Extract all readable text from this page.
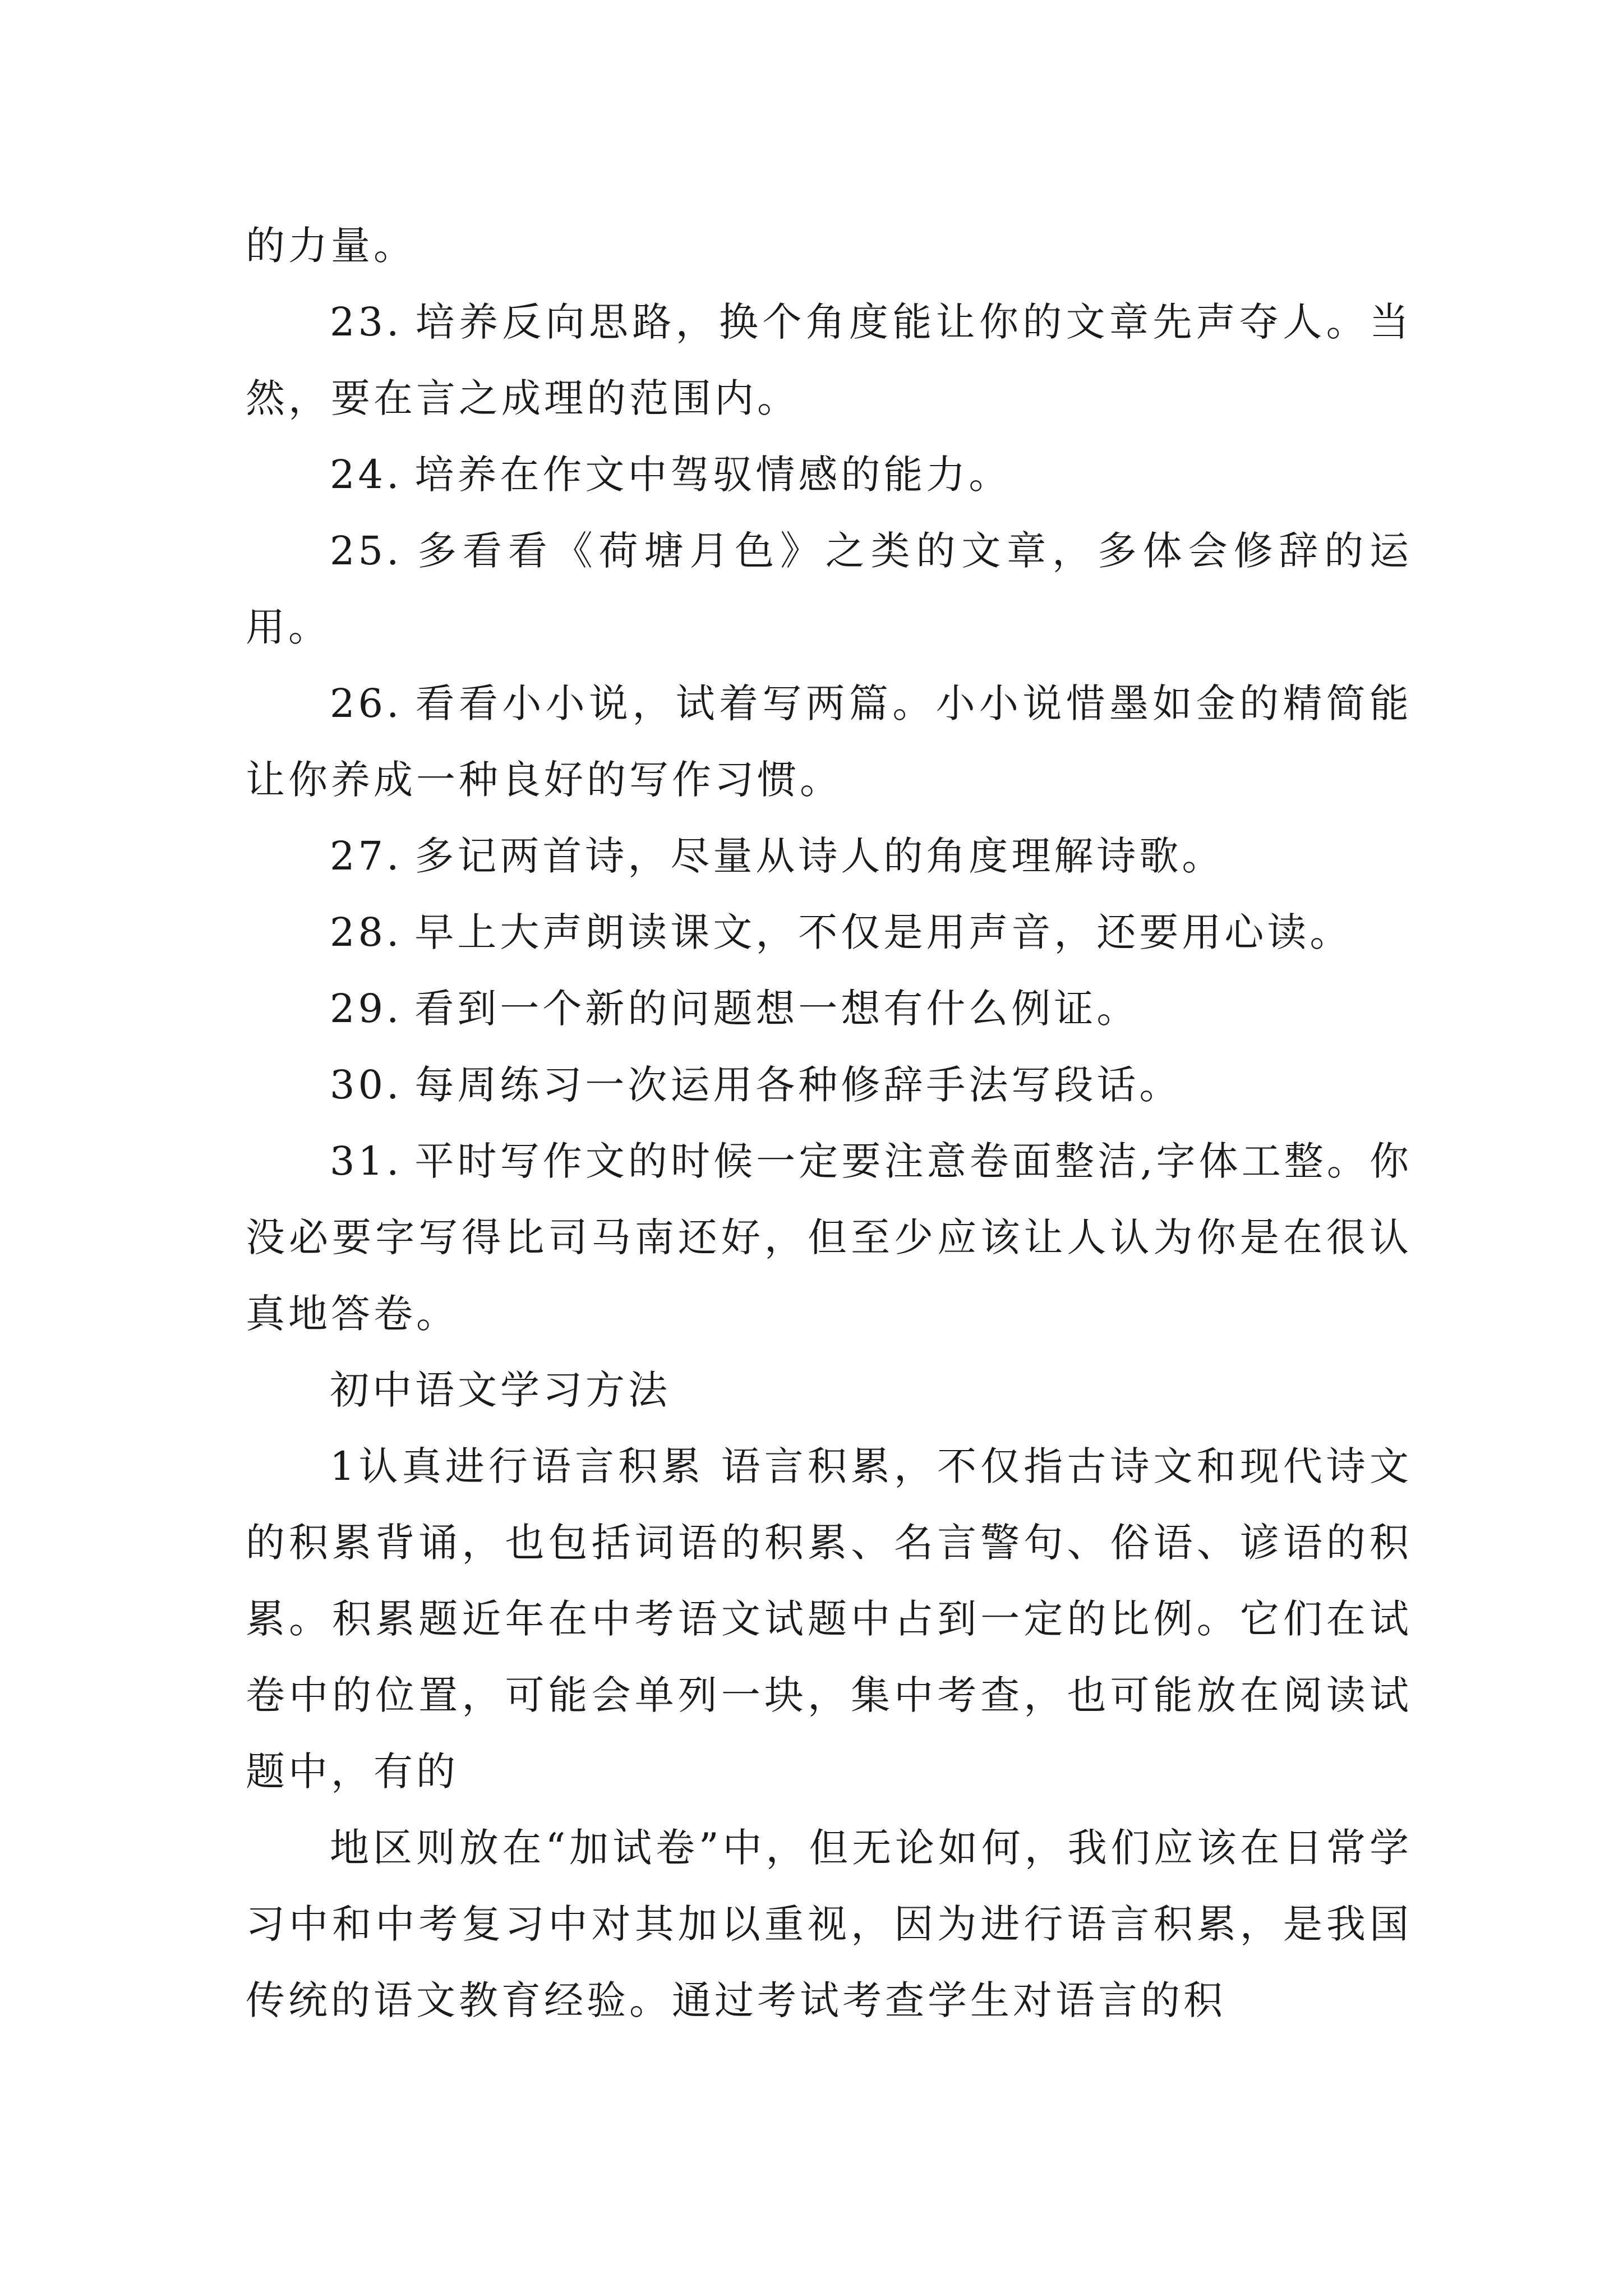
的力量。

23. 培养反向思路，换个角度能让你的文章先声夺人。当然，要在言之成理的范围内。

24. 培养在作文中驾驭情感的能力。

25. 多看看《荷塘月色》之类的文章，多体会修辞的运用。

26. 看看小小说，试着写两篇。小小说惜墨如金的精简能让你养成一种良好的写作习惯。

27. 多记两首诗，尽量从诗人的角度理解诗歌。

28. 早上大声朗读课文，不仅是用声音，还要用心读。

29. 看到一个新的问题想一想有什么例证。

30. 每周练习一次运用各种修辞手法写段话。

31. 平时写作文的时候一定要注意卷面整洁,字体工整。你没必要字写得比司马南还好，但至少应该让人认为你是在很认真地答卷。

初中语文学习方法

1认真进行语言积累 语言积累，不仅指古诗文和现代诗文的积累背诵，也包括词语的积累、名言警句、俗语、谚语的积累。积累题近年在中考语文试题中占到一定的比例。它们在试卷中的位置，可能会单列一块，集中考查，也可能放在阅读试题中，有的

地区则放在“加试卷”中，但无论如何，我们应该在日常学习中和中考复习中对其加以重视，因为进行语言积累，是我国传统的语文教育经验。通过考试考查学生对语言的积
